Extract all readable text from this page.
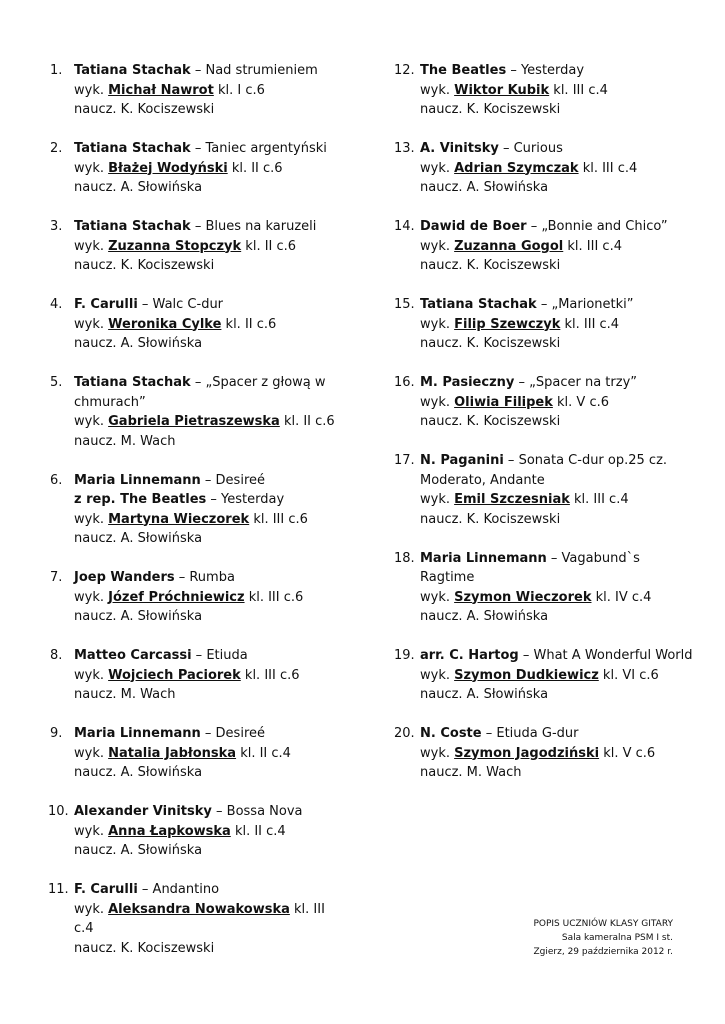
1. Tatiana Stachak – Nad strumieniem
wyk. Michał Nawrot kl. I c.6
naucz. K. Kociszewski
2. Tatiana Stachak – Taniec argentyński
wyk. Błażej Wodyński kl. II c.6
naucz. A. Słowińska
3. Tatiana Stachak – Blues na karuzeli
wyk. Zuzanna Stopczyk kl. II c.6
naucz. K. Kociszewski
4. F. Carulli – Walc C-dur
wyk. Weronika Cylke kl. II c.6
naucz. A. Słowińska
5. Tatiana Stachak – „Spacer z głową w chmurach”
wyk. Gabriela Pietraszewska kl. II c.6
naucz. M. Wach
6. Maria Linnemann – Desireé
z rep. The Beatles – Yesterday
wyk. Martyna Wieczorek kl. III c.6
naucz. A. Słowińska
7. Joep Wanders – Rumba
wyk. Józef Próchniewicz kl. III c.6
naucz. A. Słowińska
8. Matteo Carcassi – Etiuda
wyk. Wojciech Paciorek kl. III c.6
naucz. M. Wach
9. Maria Linnemann – Desireé
wyk. Natalia Jabłonska kl. II c.4
naucz. A. Słowińska
10. Alexander Vinitsky – Bossa Nova
wyk. Anna Łapkowska kl. II c.4
naucz. A. Słowińska
11. F. Carulli – Andantino
wyk. Aleksandra Nowakowska kl. III c.4
naucz. K. Kociszewski
12. The Beatles – Yesterday
wyk. Wiktor Kubik kl. III c.4
naucz. K. Kociszewski
13. A. Vinitsky – Curious
wyk. Adrian Szymczak kl. III c.4
naucz. A. Słowińska
14. Dawid de Boer – „Bonnie and Chico”
wyk. Zuzanna Gogol kl. III c.4
naucz. K. Kociszewski
15. Tatiana Stachak – „Marionetki”
wyk. Filip Szewczyk kl. III c.4
naucz. K. Kociszewski
16. M. Pasieczny – „Spacer na trzy”
wyk. Oliwia Filipek kl. V c.6
naucz. K. Kociszewski
17. N. Paganini – Sonata C-dur op.25 cz. Moderato, Andante
wyk. Emil Szczesniak kl. III c.4
naucz. K. Kociszewski
18. Maria Linnemann – Vagabund`s Ragtime
wyk. Szymon Wieczorek kl. IV c.4
naucz. A. Słowińska
19. arr. C. Hartog – What A Wonderful World
wyk. Szymon Dudkiewicz kl. VI c.6
naucz. A. Słowińska
20. N. Coste – Etiuda G-dur
wyk. Szymon Jagodziński kl. V c.6
naucz. M. Wach
POPIS UCZNIÓW KLASY GITARY
Sala kameralna PSM I st.
Zgierz, 29 października 2012 r.
